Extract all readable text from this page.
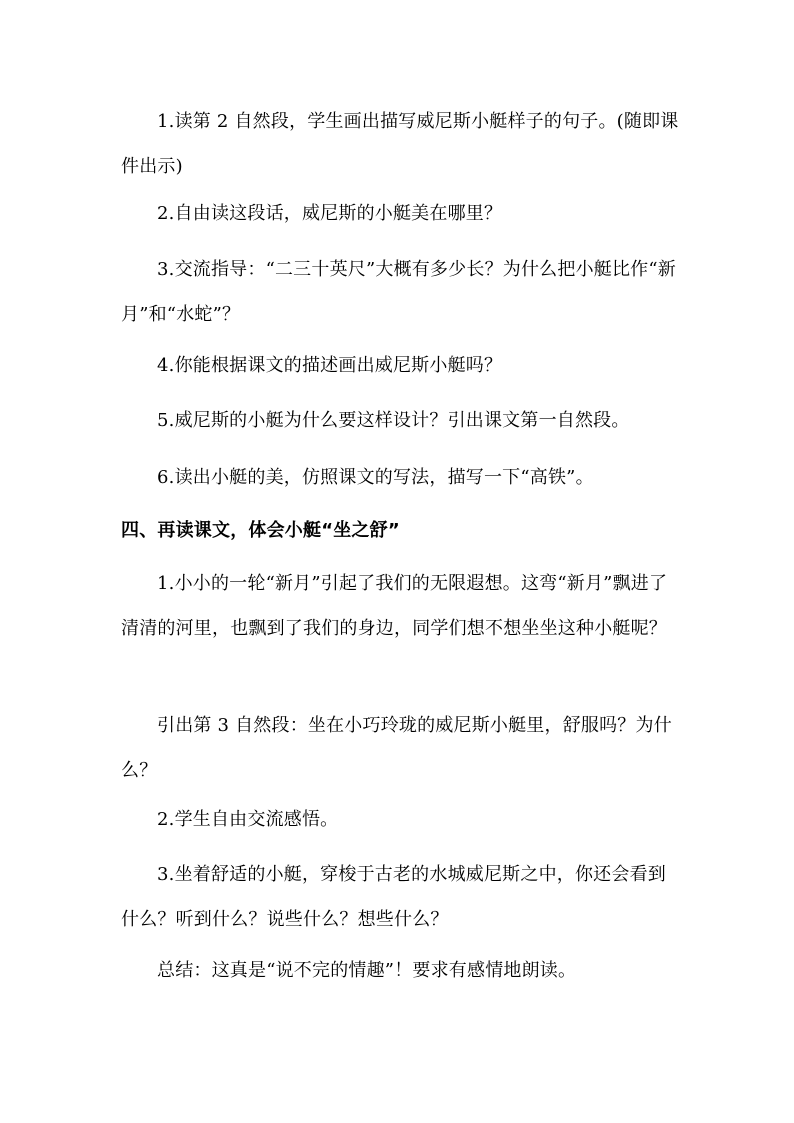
1.读第 2 自然段，学生画出描写威尼斯小艇样子的句子。(随即课件出示)

2.自由读这段话，威尼斯的小艇美在哪里？

3.交流指导：“二三十英尺”大概有多少长？为什么把小艇比作“新月”和“水蛇”？

4.你能根据课文的描述画出威尼斯小艇吗？

5.威尼斯的小艇为什么要这样设计？引出课文第一自然段。

6.读出小艇的美，仿照课文的写法，描写一下“高铁”。

四、再读课文，体会小艇“坐之舒”

1.小小的一轮“新月”引起了我们的无限遐想。这弯“新月”飘进了清清的河里，也飘到了我们的身边，同学们想不想坐坐这种小艇呢？

引出第 3 自然段：坐在小巧玲珑的威尼斯小艇里，舒服吗？为什么？

2.学生自由交流感悟。

3.坐着舒适的小艇，穿梭于古老的水城威尼斯之中，你还会看到什么？听到什么？说些什么？想些什么？

总结：这真是“说不完的情趣”！要求有感情地朗读。
